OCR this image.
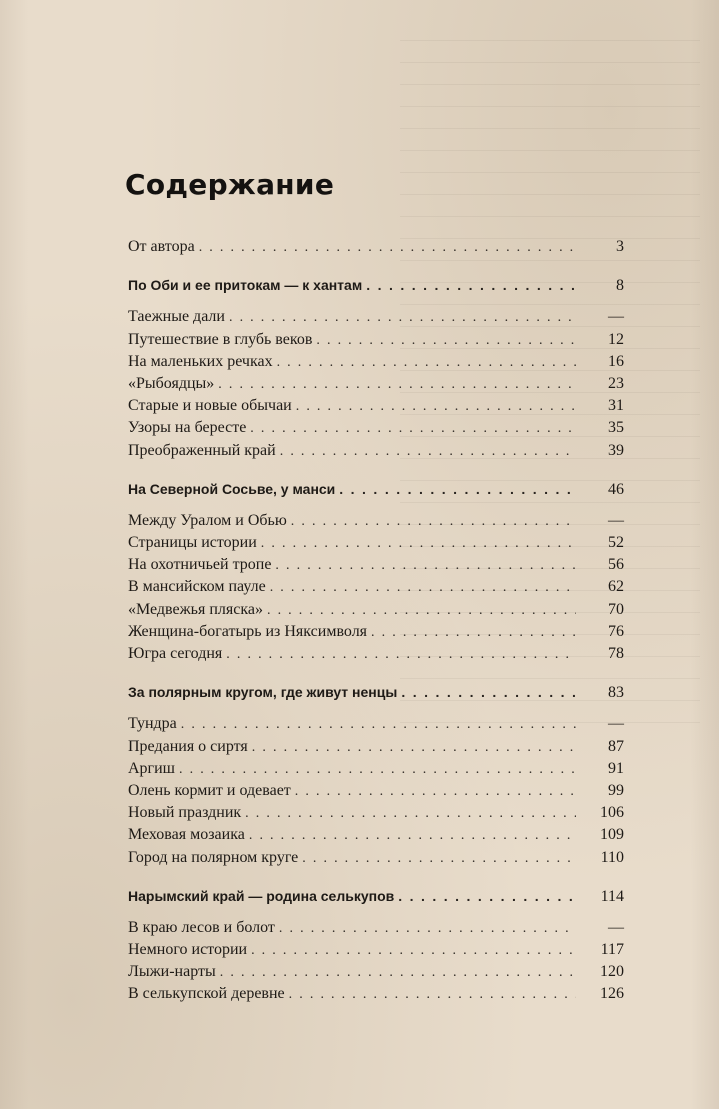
Содержание
От автора . . .	3
По Оби и ее притокам — к хантам . . .	8
Таежные дали . . .	—
Путешествие в глубь веков . . .	12
На маленьких речках . . .	16
«Рыбоядцы» . . .	23
Старые и новые обычаи . . .	31
Узоры на бересте . . .	35
Преображенный край . . .	39
На Северной Сосьве, у манси . . .	46
Между Уралом и Обью . . .	—
Страницы истории . . .	52
На охотничьей тропе . . .	56
В мансийском пауле . . .	62
«Медвежья пляска» . . .	70
Женщина-богатырь из Няксимволя . . .	76
Югра сегодня . . .	78
За полярным кругом, где живут ненцы . . .	83
Тундра . . .	—
Предания о сиртя . . .	87
Аргиш . . .	91
Олень кормит и одевает . . .	99
Новый праздник . . .	106
Меховая мозаика . . .	109
Город на полярном круге . . .	110
Нарымский край — родина селькупов . . .	114
В краю лесов и болот . . .	—
Немного истории . . .	117
Лыжи-нарты . . .	120
В селькупской деревне . . .	126
